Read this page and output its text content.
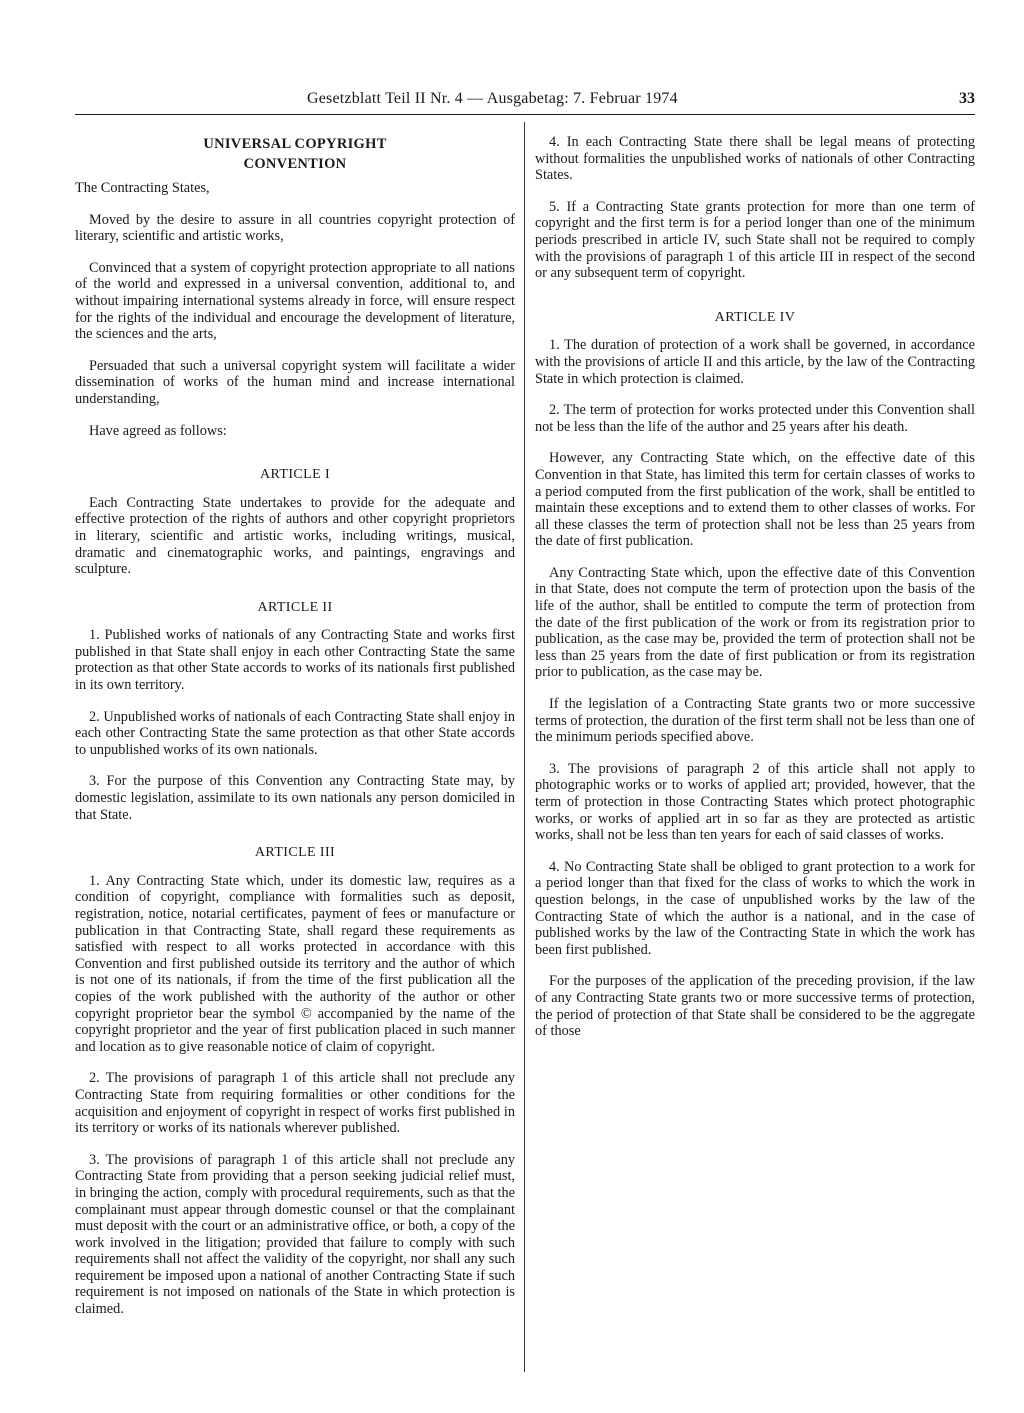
Gesetzblatt Teil II Nr. 4 — Ausgabetag: 7. Februar 1974	33
UNIVERSAL COPYRIGHT
CONVENTION

The Contracting States,

Moved by the desire to assure in all countries copyright protection of literary, scientific and artistic works,

Convinced that a system of copyright protection appropriate to all nations of the world and expressed in a universal convention, additional to, and without impairing international systems already in force, will ensure respect for the rights of the individual and encourage the development of literature, the sciences and the arts,

Persuaded that such a universal copyright system will facilitate a wider dissemination of works of the human mind and increase international understanding,

Have agreed as follows:

ARTICLE I

Each Contracting State undertakes to provide for the adequate and effective protection of the rights of authors and other copyright proprietors in literary, scientific and artistic works, including writings, musical, dramatic and cinematographic works, and paintings, engravings and sculpture.

ARTICLE II

1. Published works of nationals of any Contracting State and works first published in that State shall enjoy in each other Contracting State the same protection as that other State accords to works of its nationals first published in its own territory.

2. Unpublished works of nationals of each Contracting State shall enjoy in each other Contracting State the same protection as that other State accords to unpublished works of its own nationals.

3. For the purpose of this Convention any Contracting State may, by domestic legislation, assimilate to its own nationals any person domiciled in that State.

ARTICLE III

1. Any Contracting State which, under its domestic law, requires as a condition of copyright, compliance with formalities such as deposit, registration, notice, notarial certificates, payment of fees or manufacture or publication in that Contracting State, shall regard these requirements as satisfied with respect to all works protected in accordance with this Convention and first published outside its territory and the author of which is not one of its nationals, if from the time of the first publication all the copies of the work published with the authority of the author or other copyright proprietor bear the symbol © accompanied by the name of the copyright proprietor and the year of first publication placed in such manner and location as to give reasonable notice of claim of copyright.

2. The provisions of paragraph 1 of this article shall not preclude any Contracting State from requiring formalities or other conditions for the acquisition and enjoyment of copyright in respect of works first published in its territory or works of its nationals wherever published.

3. The provisions of paragraph 1 of this article shall not preclude any Contracting State from providing that a person seeking judicial relief must, in bringing the action, comply with procedural requirements, such as that the complainant must appear through domestic counsel or that the complainant must deposit with the court or an administrative office, or both, a copy of the work involved in the litigation; provided that failure to comply with such requirements shall not affect the validity of the copyright, nor shall any such requirement be imposed upon a national of another Contracting State if such requirement is not imposed on nationals of the State in which protection is claimed.

4. In each Contracting State there shall be legal means of protecting without formalities the unpublished works of nationals of other Contracting States.

5. If a Contracting State grants protection for more than one term of copyright and the first term is for a period longer than one of the minimum periods prescribed in article IV, such State shall not be required to comply with the provisions of paragraph 1 of this article III in respect of the second or any subsequent term of copyright.

ARTICLE IV

1. The duration of protection of a work shall be governed, in accordance with the provisions of article II and this article, by the law of the Contracting State in which protection is claimed.

2. The term of protection for works protected under this Convention shall not be less than the life of the author and 25 years after his death.

However, any Contracting State which, on the effective date of this Convention in that State, has limited this term for certain classes of works to a period computed from the first publication of the work, shall be entitled to maintain these exceptions and to extend them to other classes of works. For all these classes the term of protection shall not be less than 25 years from the date of first publication.

Any Contracting State which, upon the effective date of this Convention in that State, does not compute the term of protection upon the basis of the life of the author, shall be entitled to compute the term of protection from the date of the first publication of the work or from its registration prior to publication, as the case may be, provided the term of protection shall not be less than 25 years from the date of first publication or from its registration prior to publication, as the case may be.

If the legislation of a Contracting State grants two or more successive terms of protection, the duration of the first term shall not be less than one of the minimum periods specified above.

3. The provisions of paragraph 2 of this article shall not apply to photographic works or to works of applied art; provided, however, that the term of protection in those Contracting States which protect photographic works, or works of applied art in so far as they are protected as artistic works, shall not be less than ten years for each of said classes of works.

4. No Contracting State shall be obliged to grant protection to a work for a period longer than that fixed for the class of works to which the work in question belongs, in the case of unpublished works by the law of the Contracting State of which the author is a national, and in the case of published works by the law of the Contracting State in which the work has been first published.

For the purposes of the application of the preceding provision, if the law of any Contracting State grants two or more successive terms of protection, the period of protection of that State shall be considered to be the aggregate of those
